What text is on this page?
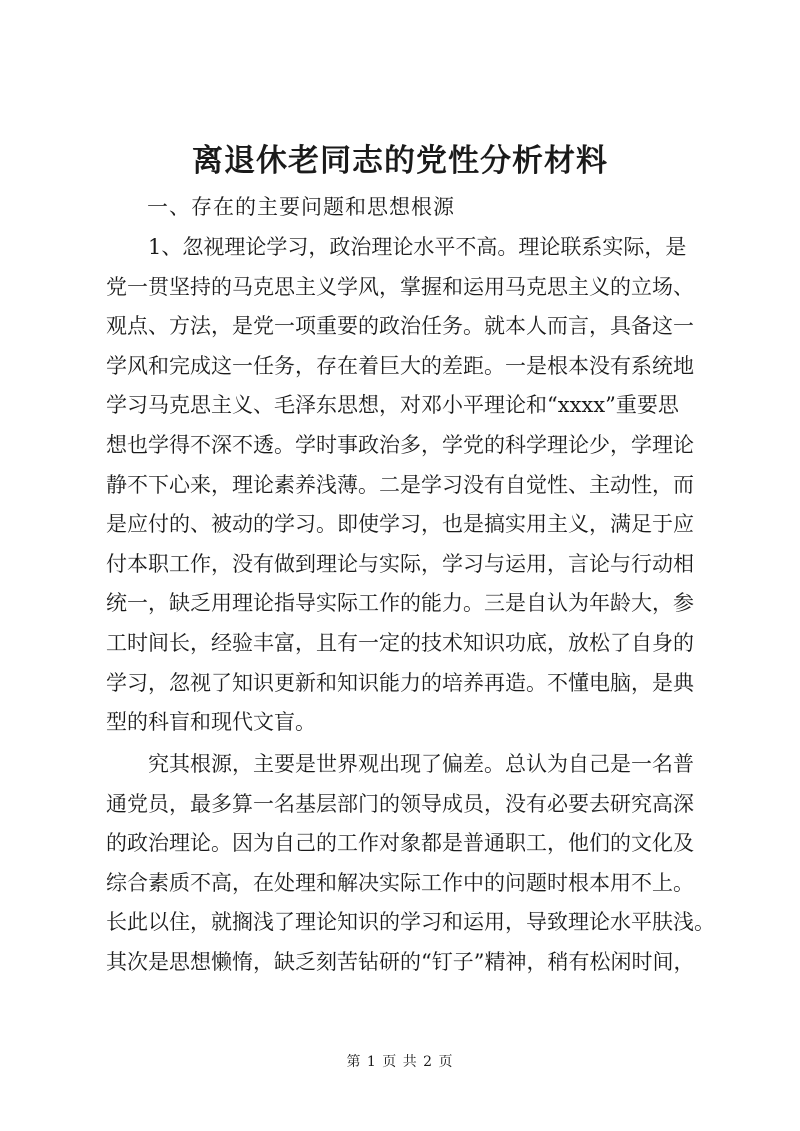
离退休老同志的党性分析材料
一、存在的主要问题和思想根源
　　1、忽视理论学习，政治理论水平不高。理论联系实际，是
党一贯坚持的马克思主义学风，掌握和运用马克思主义的立场、
观点、方法，是党一项重要的政治任务。就本人而言，具备这一
学风和完成这一任务，存在着巨大的差距。一是根本没有系统地
学习马克思主义、毛泽东思想，对邓小平理论和“xxxx”重要思
想也学得不深不透。学时事政治多，学党的科学理论少，学理论
静不下心来，理论素养浅薄。二是学习没有自觉性、主动性，而
是应付的、被动的学习。即使学习，也是搞实用主义，满足于应
付本职工作，没有做到理论与实际，学习与运用，言论与行动相
统一，缺乏用理论指导实际工作的能力。三是自认为年龄大，参
工时间长，经验丰富，且有一定的技术知识功底，放松了自身的
学习，忽视了知识更新和知识能力的培养再造。不懂电脑，是典
型的科盲和现代文盲。
　　究其根源，主要是世界观出现了偏差。总认为自己是一名普
通党员，最多算一名基层部门的领导成员，没有必要去研究高深
的政治理论。因为自己的工作对象都是普通职工，他们的文化及
综合素质不高，在处理和解决实际工作中的问题时根本用不上。
长此以住，就搁浅了理论知识的学习和运用，导致理论水平肤浅。
其次是思想懒惰，缺乏刻苦钻研的“钉子”精神，稍有松闲时间，
第 1 页 共 2 页
